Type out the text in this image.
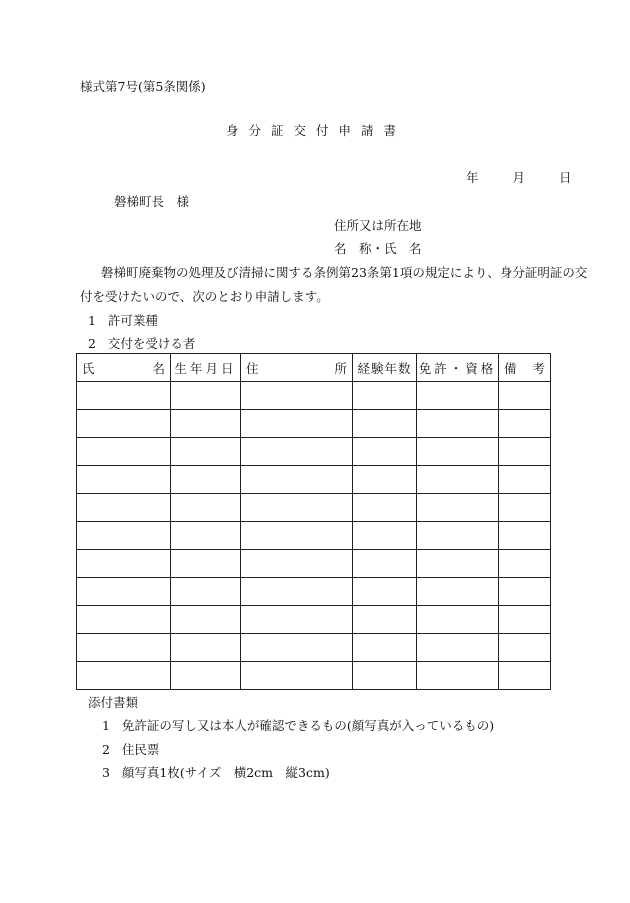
様式第7号(第5条関係)
身分証交付申請書
年	月	日
磐梯町長　様
住所又は所在地
名　称・氏　名
磐梯町廃棄物の処理及び清掃に関する条例第23条第1項の規定により、身分証明証の交
付を受けたいので、次のとおり申請します。
1 許可業種
2 交付を受ける者
氏 名	生年月日	住 所	経験年数	免許・資格	備 考

添付書類
1 免許証の写し又は本人が確認できるもの(顔写真が入っているもの)
2 住民票
3 顔写真1枚(サイズ　横2cm　縦3cm)
